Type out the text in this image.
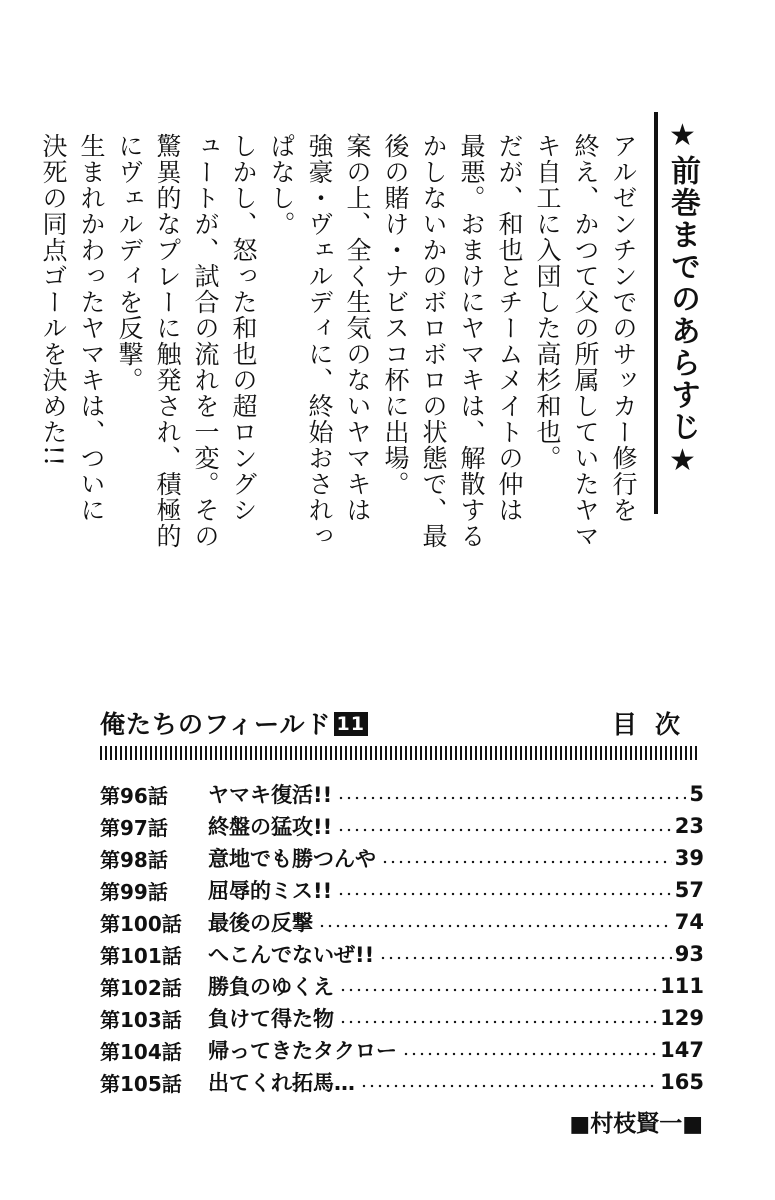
★前巻までのあらすじ★
アルゼンチンでのサッカー修行を
終え、かつて父の所属していたヤマ
キ自工に入団した高杉和也。
だが、和也とチームメイトの仲は
最悪。おまけにヤマキは、解散する
かしないかのボロボロの状態で、最
後の賭け・ナビスコ杯に出場。
案の上、全く生気のないヤマキは
強豪・ヴェルディに、終始おされっ
ぱなし。
しかし、怒った和也の超ロングシ
ュートが、試合の流れを一変。その
驚異的なプレーに触発され、積極的
にヴェルディを反撃。
生まれかわったヤマキは、ついに
決死の同点ゴールを決めた!!
俺たちのフィールド 11	目次
第96話	ヤマキ復活!!	5
第97話	終盤の猛攻!!	23
第98話	意地でも勝つんや	39
第99話	屈辱的ミス!!	57
第100話	最後の反撃	74
第101話	へこんでないぜ!!	93
第102話	勝負のゆくえ	111
第103話	負けて得た物	129
第104話	帰ってきたタクロー	147
第105話	出てくれ拓馬…	165
■村枝賢一■
